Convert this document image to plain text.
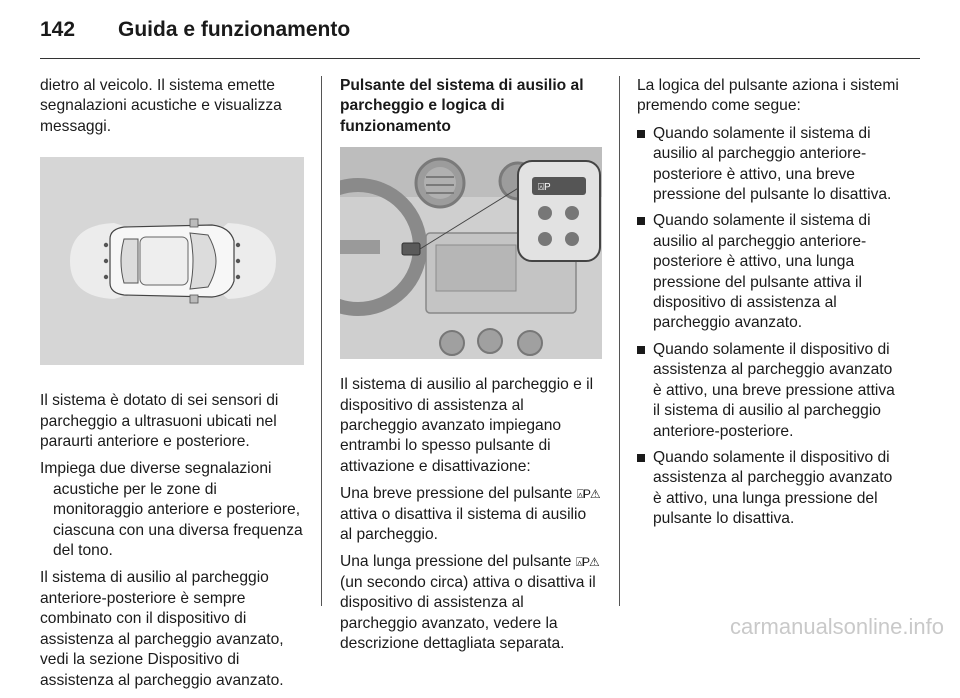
142 Guida e funzionamento

dietro al veicolo. Il sistema emette segnalazioni acustiche e visualizza messaggi.

Il sistema è dotato di sei sensori di parcheggio a ultrasuoni ubicati nel paraurti anteriore e posteriore.

Impiega due diverse segnalazioni acustiche per le zone di monitoraggio anteriore e posteriore, ciascuna con una diversa frequenza del tono.

Il sistema di ausilio al parcheggio anteriore-posteriore è sempre combinato con il dispositivo di assistenza al parcheggio avanzato, vedi la sezione Dispositivo di assistenza al parcheggio avanzato.

Pulsante del sistema di ausilio al parcheggio e logica di funzionamento

⍓P

Il sistema di ausilio al parcheggio e il dispositivo di assistenza al parcheggio avanzato impiegano entrambi lo spesso pulsante di attivazione e disattivazione:

Una breve pressione del pulsante ⍓P⚠ attiva o disattiva il sistema di ausilio al parcheggio.

Una lunga pressione del pulsante ⍓P⚠ (un secondo circa) attiva o disattiva il dispositivo di assistenza al parcheggio avanzato, vedere la descrizione dettagliata separata.

La logica del pulsante aziona i sistemi premendo come segue:

Quando solamente il sistema di ausilio al parcheggio anteriore-posteriore è attivo, una breve pressione del pulsante lo disattiva.
Quando solamente il sistema di ausilio al parcheggio anteriore-posteriore è attivo, una lunga pressione del pulsante attiva il dispositivo di assistenza al parcheggio avanzato.
Quando solamente il dispositivo di assistenza al parcheggio avanzato è attivo, una breve pressione attiva il sistema di ausilio al parcheggio anteriore-posteriore.
Quando solamente il dispositivo di assistenza al parcheggio avanzato è attivo, una lunga pressione del pulsante lo disattiva.
carmanualsonline.info
